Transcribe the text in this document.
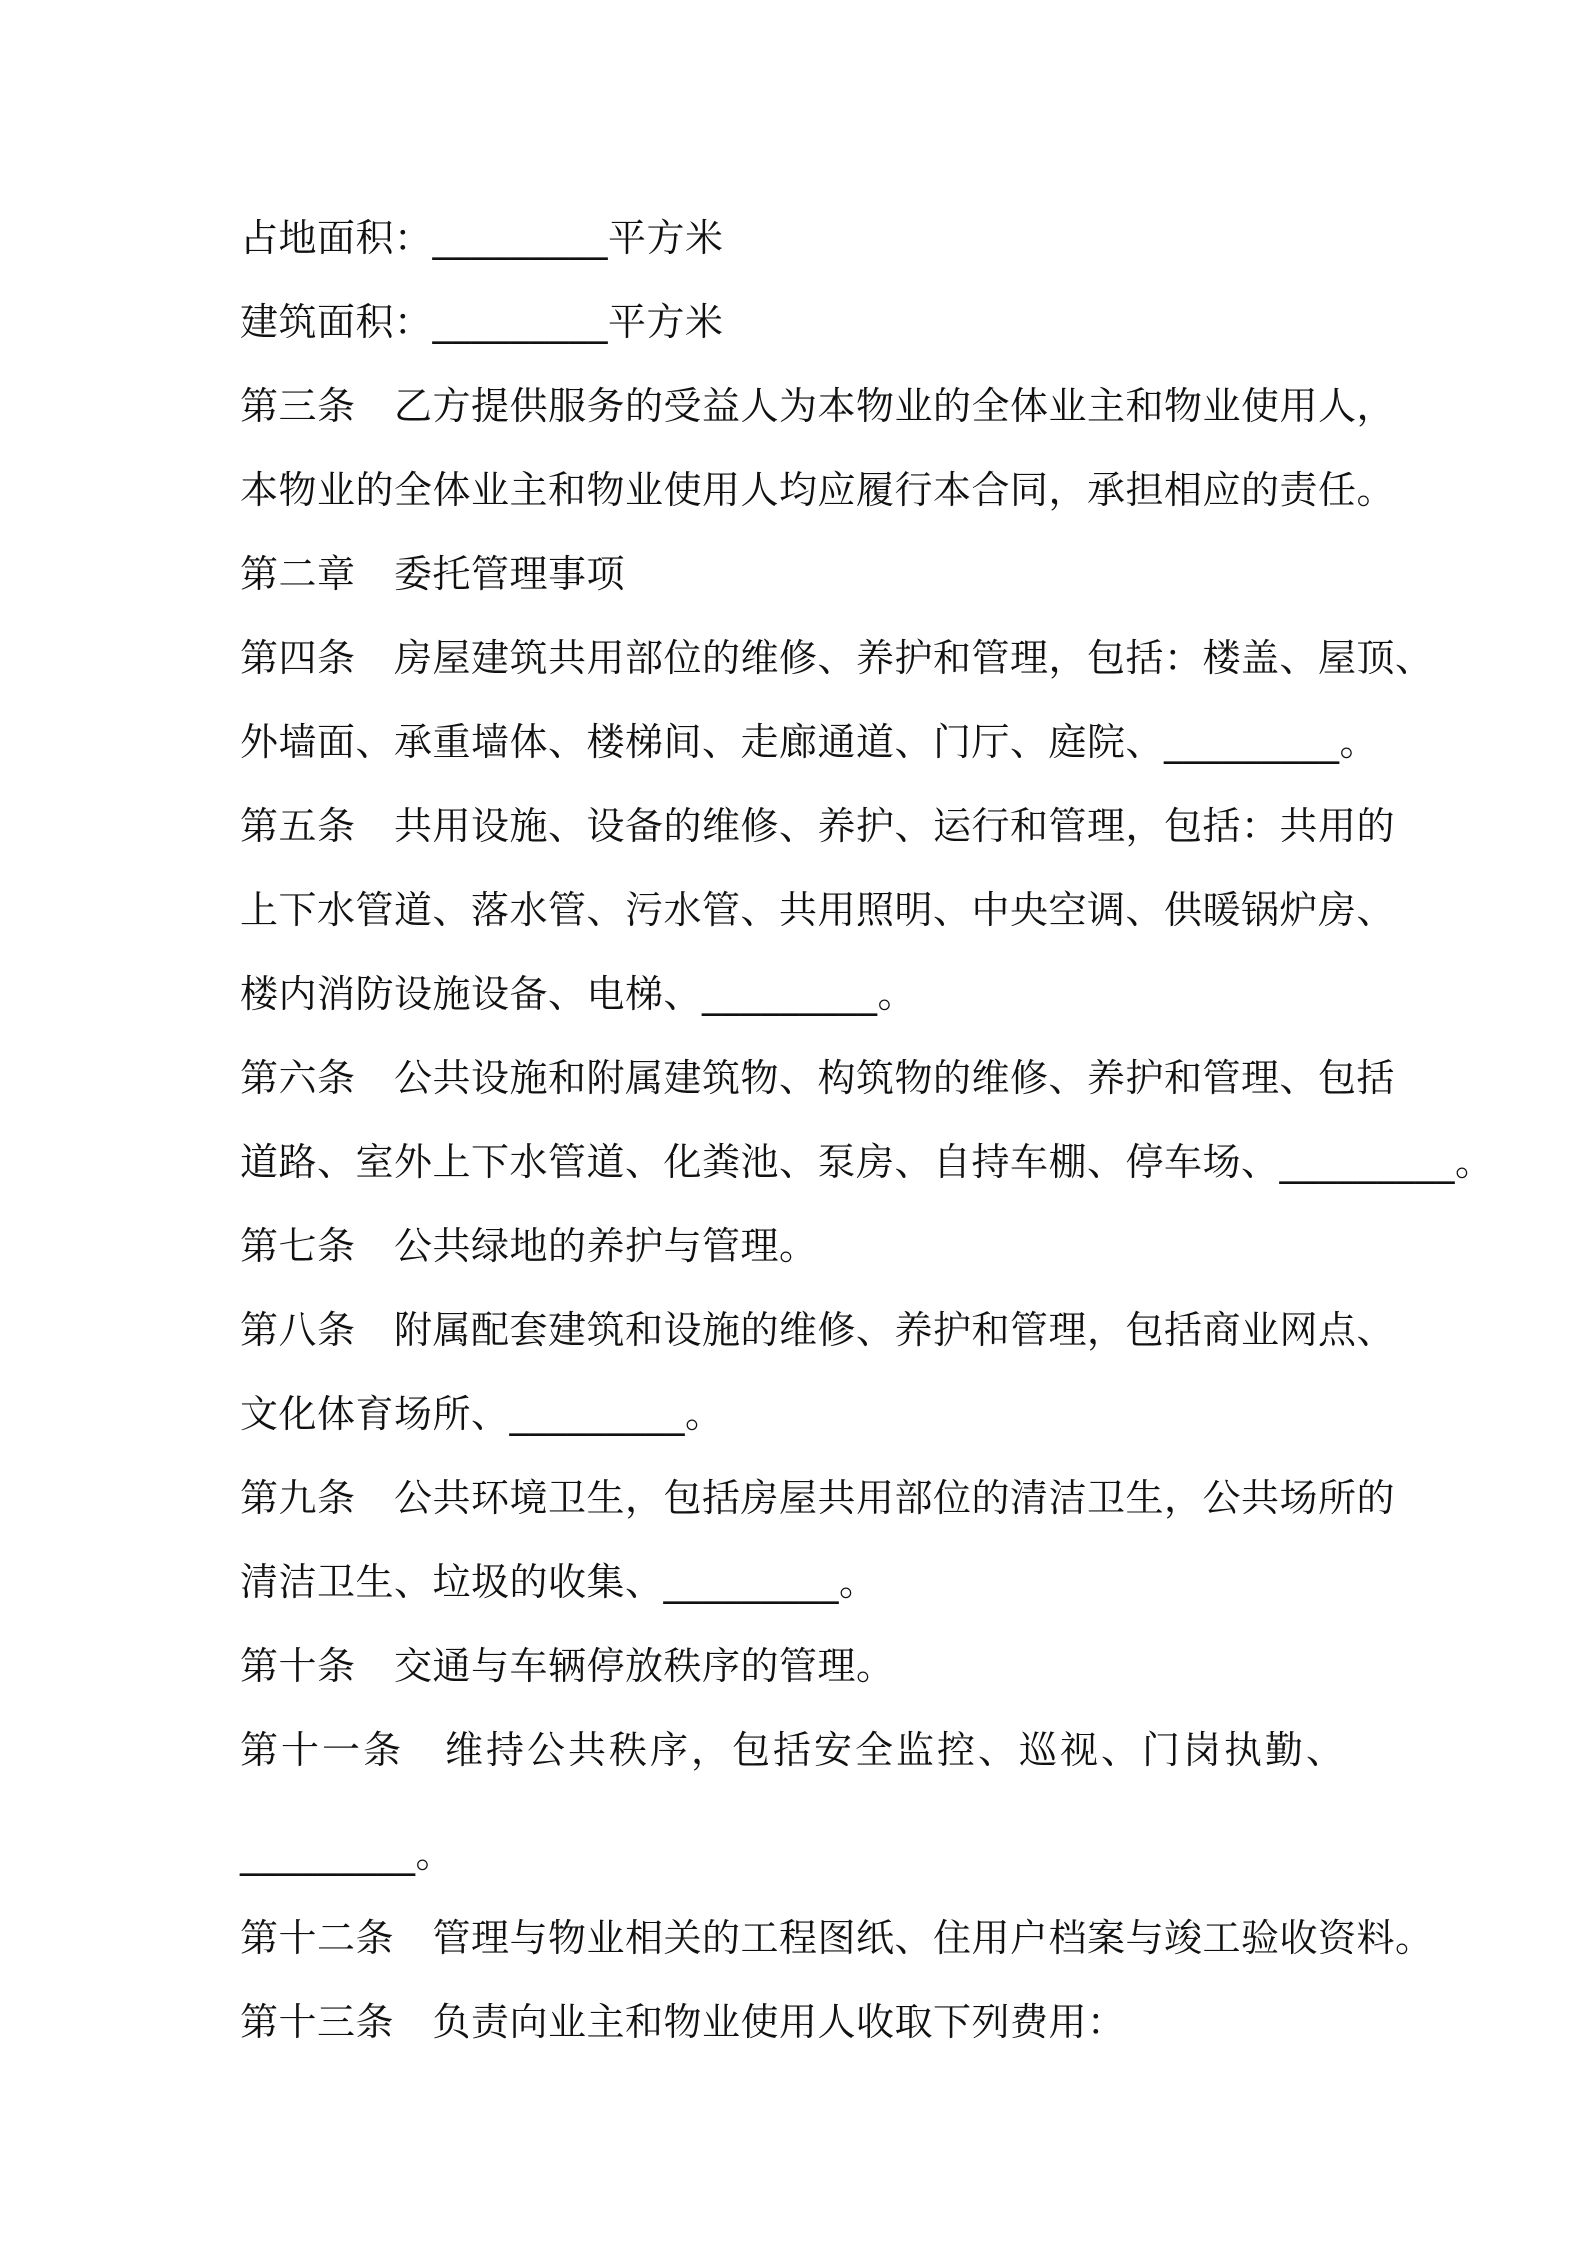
占地面积：_________平方米
建筑面积：_________平方米
第三条　乙方提供服务的受益人为本物业的全体业主和物业使用人，
本物业的全体业主和物业使用人均应履行本合同，承担相应的责任。
第二章　委托管理事项
第四条　房屋建筑共用部位的维修、养护和管理，包括：楼盖、屋顶、
外墙面、承重墙体、楼梯间、走廊通道、门厅、庭院、_________。
第五条　共用设施、设备的维修、养护、运行和管理，包括：共用的
上下水管道、落水管、污水管、共用照明、中央空调、供暖锅炉房、
楼内消防设施设备、电梯、_________。
第六条　公共设施和附属建筑物、构筑物的维修、养护和管理、包括
道路、室外上下水管道、化粪池、泵房、自持车棚、停车场、_________。
第七条　公共绿地的养护与管理。
第八条　附属配套建筑和设施的维修、养护和管理，包括商业网点、
文化体育场所、_________。
第九条　公共环境卫生，包括房屋共用部位的清洁卫生，公共场所的
清洁卫生、垃圾的收集、_________。
第十条　交通与车辆停放秩序的管理。
第十一条　维持公共秩序，包括安全监控、巡视、门岗执勤、
_________。
第十二条　管理与物业相关的工程图纸、住用户档案与竣工验收资料。
第十三条　负责向业主和物业使用人收取下列费用：
